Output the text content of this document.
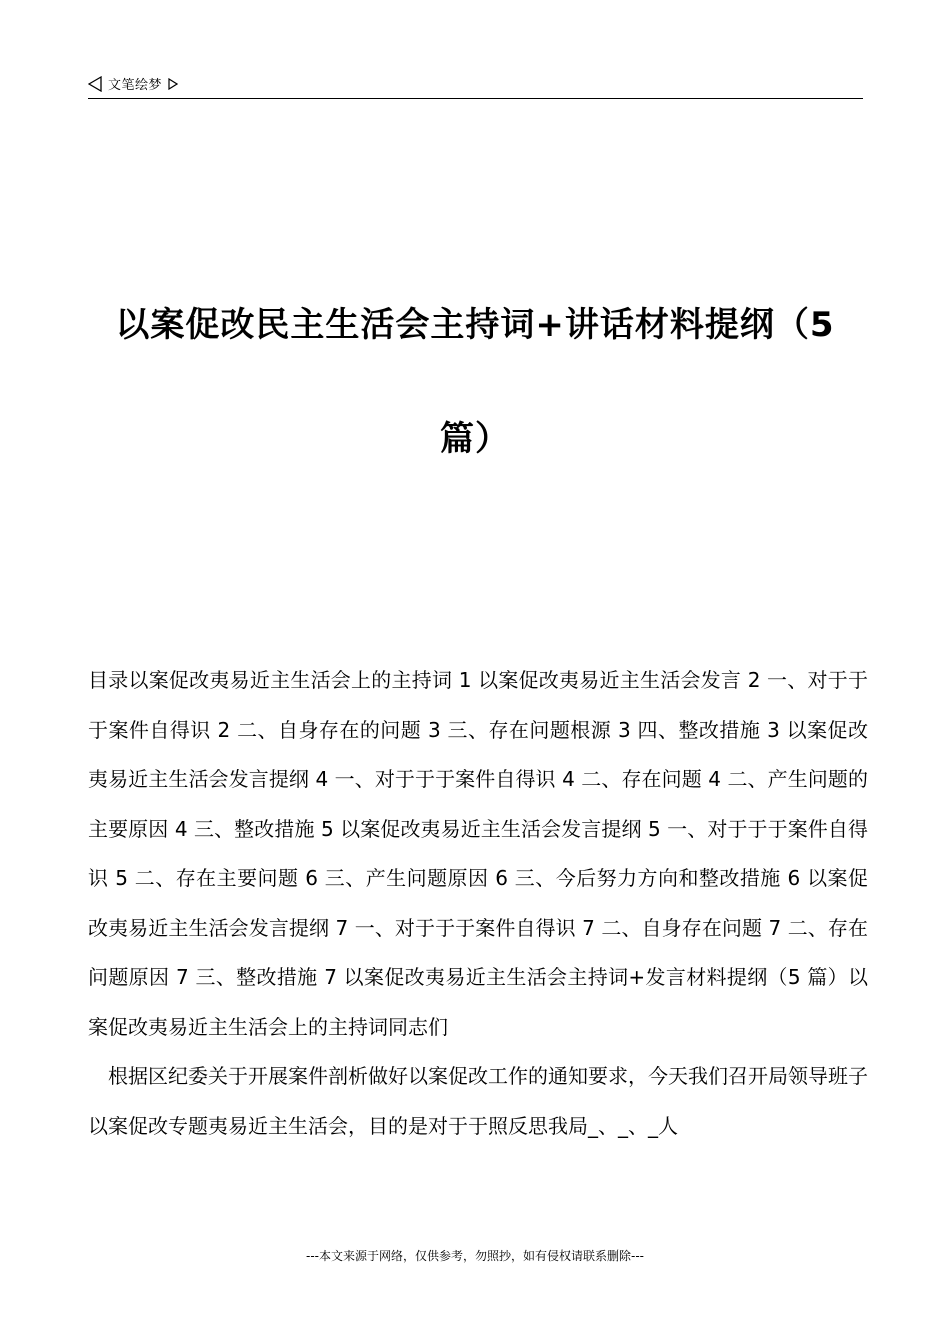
文笔绘梦
以案促改民主生活会主持词+讲话材料提纲（5
篇）

目录以案促改夷易近主生活会上的主持词 1 以案促改夷易近主生活会发言 2 一、对于于于案件自得识 2 二、自身存在的问题 3 三、存在问题根源 3 四、整改措施 3 以案促改夷易近主生活会发言提纲 4 一、对于于于案件自得识 4 二、存在问题 4 二、产生问题的主要原因 4 三、整改措施 5 以案促改夷易近主生活会发言提纲 5 一、对于于于案件自得识 5 二、存在主要问题 6 三、产生问题原因 6 三、今后努力方向和整改措施 6 以案促改夷易近主生活会发言提纲 7 一、对于于于案件自得识 7 二、自身存在问题 7 二、存在问题原因 7 三、整改措施 7 以案促改夷易近主生活会主持词+发言材料提纲（5 篇）以案促改夷易近主生活会上的主持词同志们

根据区纪委关于开展案件剖析做好以案促改工作的通知要求，今天我们召开局领导班子以案促改专题夷易近主生活会，目的是对于于照反思我局_、_、_人

---本文来源于网络，仅供参考，勿照抄，如有侵权请联系删除---
